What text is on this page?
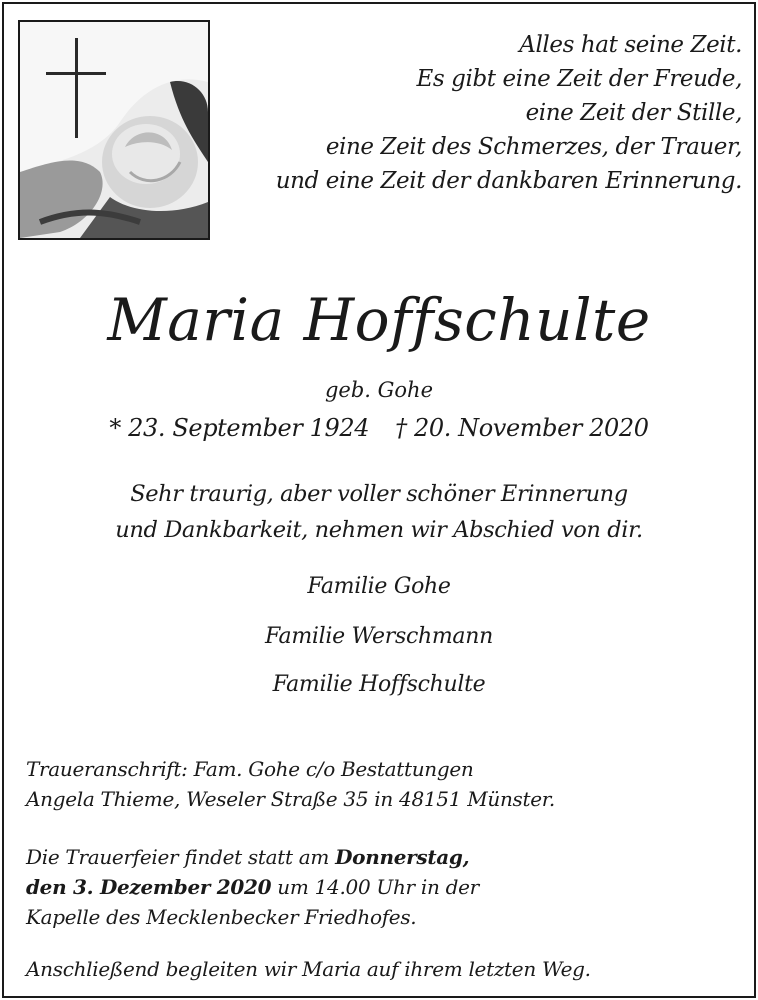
Alles hat seine Zeit.
Es gibt eine Zeit der Freude,
eine Zeit der Stille,
eine Zeit des Schmerzes, der Trauer,
und eine Zeit der dankbaren Erinnerung.
Maria Hoffschulte
geb. Gohe
* 23. September 1924 † 20. November 2020
Sehr traurig, aber voller schöner Erinnerung
und Dankbarkeit, nehmen wir Abschied von dir.
Familie Gohe
Familie Werschmann
Familie Hoffschulte
Traueranschrift: Fam. Gohe c/o Bestattungen
Angela Thieme, Weseler Straße 35 in 48151 Münster.
Die Trauerfeier findet statt am Donnerstag,
den 3. Dezember 2020 um 14.00 Uhr in der
Kapelle des Mecklenbecker Friedhofes.
Anschließend begleiten wir Maria auf ihrem letzten Weg.
